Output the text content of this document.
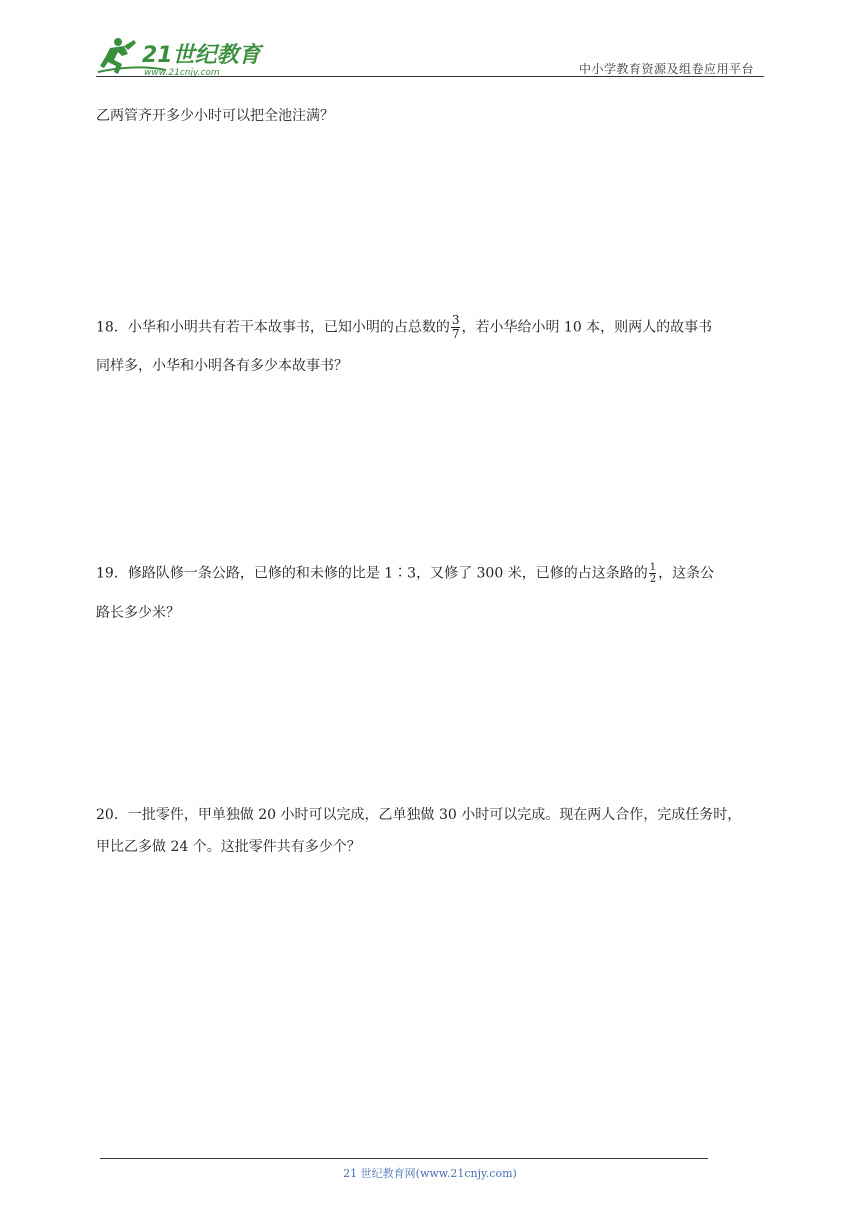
21世纪教育
www.21cnjy.com	中小学教育资源及组卷应用平台
乙两管齐开多少小时可以把全池注满？
18．小华和小明共有若干本故事书，已知小明的占总数的 $\frac{3}{7}$ ，若小华给小明 10 本，则两人的故事书
同样多，小华和小明各有多少本故事书？
19．修路队修一条公路，已修的和未修的比是 1∶3，又修了 300 米，已修的占这条路的 $\frac{1}{2}$ ，这条公
路长多少米？
20．一批零件，甲单独做 20 小时可以完成，乙单独做 30 小时可以完成。现在两人合作，完成任务时，
甲比乙多做 24 个。这批零件共有多少个？
21 世纪教育网(www.21cnjy.com)
